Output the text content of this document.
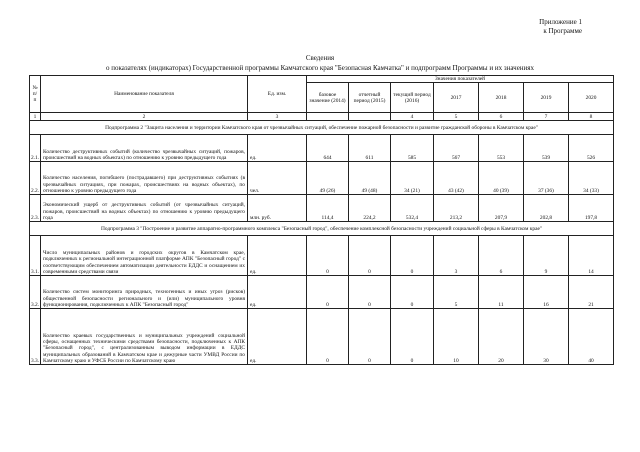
Приложение 1
к Программе
Сведения
о показателях (индикаторах) Государственной программы Камчатского края "Безопасная Камчатка" и подпрограмм Программы и их значениях
№ п/п	Наименование показателя	Ед. изм.	Значения показателей						
			базовое значение (2014)	отчетный период (2015)	текущий период (2016)	2017	2018	2019	2020
1	2	3			4	5	6	7	8
Подпрограмма 2 "Защита населения и территории Камчатского края от чрезвычайных ситуаций, обеспечение пожарной безопасности и развитие гражданской обороны в Камчатском крае"									
2.1.	Количество деструктивных событий (количество чрезвычайных ситуаций, пожаров, происшествий на водных объектах) по отношению к уровню предыдущего года	ед.	644	611	585	567	553	539	526
2.2.	Количество населения, погибшего (пострадавшего) при деструктивных событиях (в чрезвычайных ситуациях, при пожарах, происшествиях на водных объектах), по отношению к уровню предыдущего года	чел.	49 (26)	49 (48)	34 (21)	43 (42)	40 (39)	37 (36)	34 (33)
2.3.	Экономический ущерб от деструктивных событий (от чрезвычайных ситуаций, пожаров, происшествий на водных объектах) по отношению к уровню предыдущего года	млн. руб.	114,4	224,2	532,4	213,2	207,9	202,8	197,8
Подпрограмма 3 "Построение и развитие аппаратно-программного комплекса "Безопасный город", обеспечение комплексной безопасности учреждений социальной сферы в Камчатском крае"									
3.1.	Число муниципальных районов и городских округов в Камчатском крае, подключенных к региональной интеграционной платформе АПК "Безопасный город" с соответствующим обеспечением автоматизации деятельности ЕДДС и оснащением их современными средствами связи	ед.	0	0	0	3	6	9	14
3.2.	Количество систем мониторинга природных, техногенных и иных угроз (рисков) общественной безопасности регионального и (или) муниципального уровня функционирования, подключенных к АПК "Безопасный город"	ед.	0	0	0	5	11	16	21
3.3.	Количество краевых государственных и муниципальных учреждений социальной сферы, оснащенных техническими средствами безопасности, подключенных к АПК "Безопасный город", с централизованным выводом информации в ЕДДС муниципальных образований в Камчатском крае и дежурные части УМВД России по Камчатскому краю и УФСБ России по Камчатскому краю	ед.	0	0	0	10	20	30	40
